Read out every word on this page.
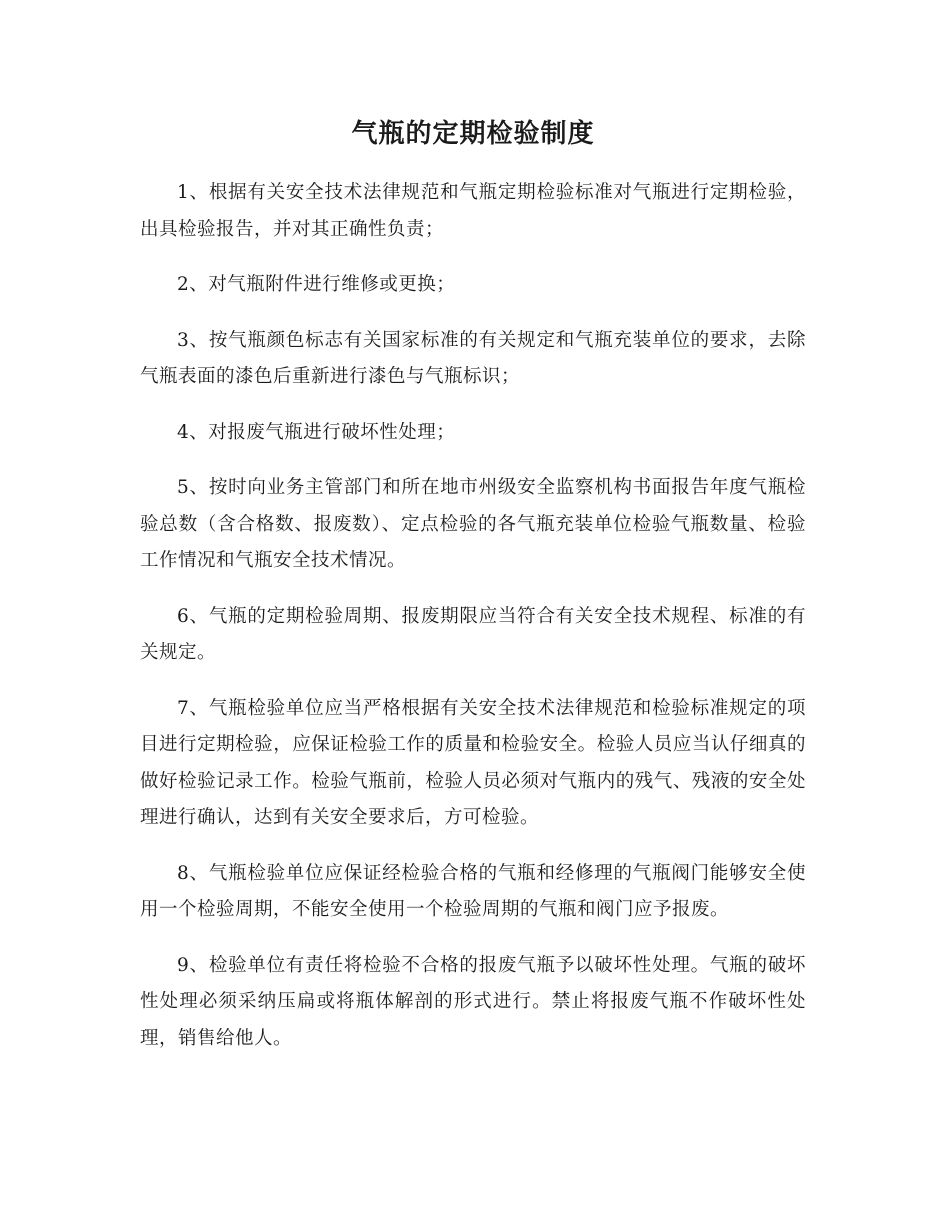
气瓶的定期检验制度

1、根据有关安全技术法律规范和气瓶定期检验标准对气瓶进行定期检验，出具检验报告，并对其正确性负责；

2、对气瓶附件进行维修或更换；

3、按气瓶颜色标志有关国家标准的有关规定和气瓶充装单位的要求，去除气瓶表面的漆色后重新进行漆色与气瓶标识；

4、对报废气瓶进行破坏性处理；

5、按时向业务主管部门和所在地市州级安全监察机构书面报告年度气瓶检验总数（含合格数、报废数）、定点检验的各气瓶充装单位检验气瓶数量、检验工作情况和气瓶安全技术情况。

6、气瓶的定期检验周期、报废期限应当符合有关安全技术规程、标准的有关规定。

7、气瓶检验单位应当严格根据有关安全技术法律规范和检验标准规定的项目进行定期检验，应保证检验工作的质量和检验安全。检验人员应当认仔细真的做好检验记录工作。检验气瓶前，检验人员必须对气瓶内的残气、残液的安全处理进行确认，达到有关安全要求后，方可检验。

8、气瓶检验单位应保证经检验合格的气瓶和经修理的气瓶阀门能够安全使用一个检验周期，不能安全使用一个检验周期的气瓶和阀门应予报废。

9、检验单位有责任将检验不合格的报废气瓶予以破坏性处理。气瓶的破坏性处理必须采纳压扁或将瓶体解剖的形式进行。禁止将报废气瓶不作破坏性处理，销售给他人。
